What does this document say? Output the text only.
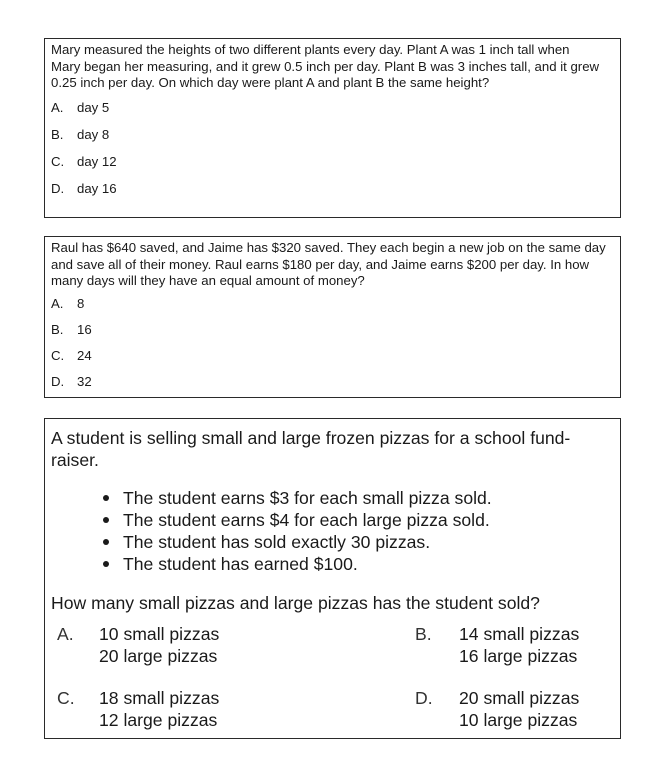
Mary measured the heights of two different plants every day. Plant A was 1 inch tall when
Mary began her measuring, and it grew 0.5 inch per day. Plant B was 3 inches tall, and it grew
0.25 inch per day. On which day were plant A and plant B the same height?

A.	day 5
B.	day 8
C. day 12
D. day 16

Raul has $640 saved, and Jaime has $320 saved. They each begin a new job on the same day
and save all of their money. Raul earns $180 per day, and Jaime earns $200 per day. In how
many days will they have an equal amount of money?

A.	8
B.	16
C. 24
D. 32

A student is selling small and large frozen pizzas for a school fund-raiser.

The student earns $3 for each small pizza sold.
The student earns $4 for each large pizza sold.
The student has sold exactly 30 pizzas.
The student has earned $100.

How many small pizzas and large pizzas has the student sold?

A.	10 small pizzas
20 large pizzas
B.	14 small pizzas
16 large pizzas
C.	18 small pizzas
12 large pizzas
D.	20 small pizzas
10 large pizzas
